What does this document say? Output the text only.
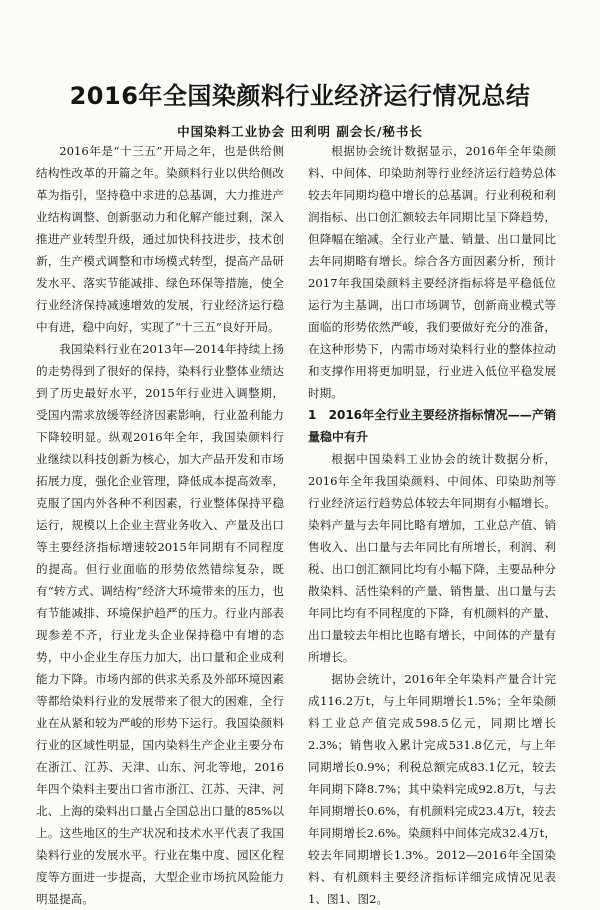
2016年全国染颜料行业经济运行情况总结
中国染料工业协会 田利明 副会长/秘书长

2016年是“十三五”开局之年，也是供给侧结构性改革的开篇之年。染颜料行业以供给侧改革为指引，坚持稳中求进的总基调，大力推进产业结构调整、创新驱动力和化解产能过剩，深入推进产业转型升级，通过加快科技进步，技术创新，生产模式调整和市场模式转型，提高产品研发水平、落实节能减排、绿色环保等措施，使全行业经济保持减速增效的发展，行业经济运行稳中有进，稳中向好，实现了“十三五”良好开局。

我国染料行业在2013年—2014年持续上扬的走势得到了很好的保持，染料行业整体业绩达到了历史最好水平，2015年行业进入调整期，受国内需求放缓等经济因素影响，行业盈利能力下降较明显。纵观2016年全年，我国染颜料行业继续以科技创新为核心，加大产品开发和市场拓展力度，强化企业管理，降低成本提高效率，克服了国内外各种不利因素，行业整体保持平稳运行，规模以上企业主营业务收入、产量及出口等主要经济指标增速较2015年同期有不同程度的提高。但行业面临的形势依然错综复杂，既有“转方式、调结构”经济大环境带来的压力，也有节能减排、环境保护趋严的压力。行业内部表现参差不齐，行业龙头企业保持稳中有增的态势，中小企业生存压力加大，出口量和企业成利能力下降。市场内部的供求关系及外部环境因素等都给染料行业的发展带来了很大的困难，全行业在从紧和较为严峻的形势下运行。我国染颜料行业的区域性明显，国内染料生产企业主要分布在浙江、江苏、天津、山东、河北等地，2016年四个染料主要出口省市浙江、江苏、天津、河北、上海的染料出口量占全国总出口量的85%以上。这些地区的生产状况和技术水平代表了我国染料行业的发展水平。行业在集中度、园区化程度等方面进一步提高，大型企业市场抗风险能力明显提高。

根据协会统计数据显示，2016年全年染颜料、中间体、印染助剂等行业经济运行趋势总体较去年同期均稳中增长的总基调。行业利税和利润指标、出口创汇额较去年同期比呈下降趋势，但降幅在缩减。全行业产量、销量、出口量同比去年同期略有增长。综合各方面因素分析，预计2017年我国染颜料主要经济指标将是平稳低位运行为主基调，出口市场调节，创新商业模式等面临的形势依然严峻，我们要做好充分的准备，在这种形势下，内需市场对染料行业的整体拉动和支撑作用将更加明显，行业进入低位平稳发展时期。

1　2016年全行业主要经济指标情况——产销量稳中有升

根据中国染料工业协会的统计数据分析，2016年全年我国染颜料、中间体、印染助剂等行业经济运行趋势总体较去年同期有小幅增长。染料产量与去年同比略有增加，工业总产值、销售收入、出口量与去年同比有所增长，利润、利税、出口创汇额同比均有小幅下降，主要品种分散染料、活性染料的产量、销售量、出口量与去年同比均有不同程度的下降，有机颜料的产量、出口量较去年相比也略有增长，中间体的产量有所增长。

据协会统计，2016年全年染料产量合计完成116.2万t，与上年同期增长1.5%；全年染颜料工业总产值完成598.5亿元，同期比增长2.3%；销售收入累计完成531.8亿元，与上年同期增长0.9%；利税总额完成83.1亿元，较去年同期下降8.7%；其中染料完成92.8万t，与去年同期增长0.6%，有机颜料完成23.4万t，较去年同期增长2.6%。染颜料中间体完成32.4万t，较去年同期增长1.3%。2012—2016年全国染料、有机颜料主要经济指标详细完成情况见表1、图1、图2。
